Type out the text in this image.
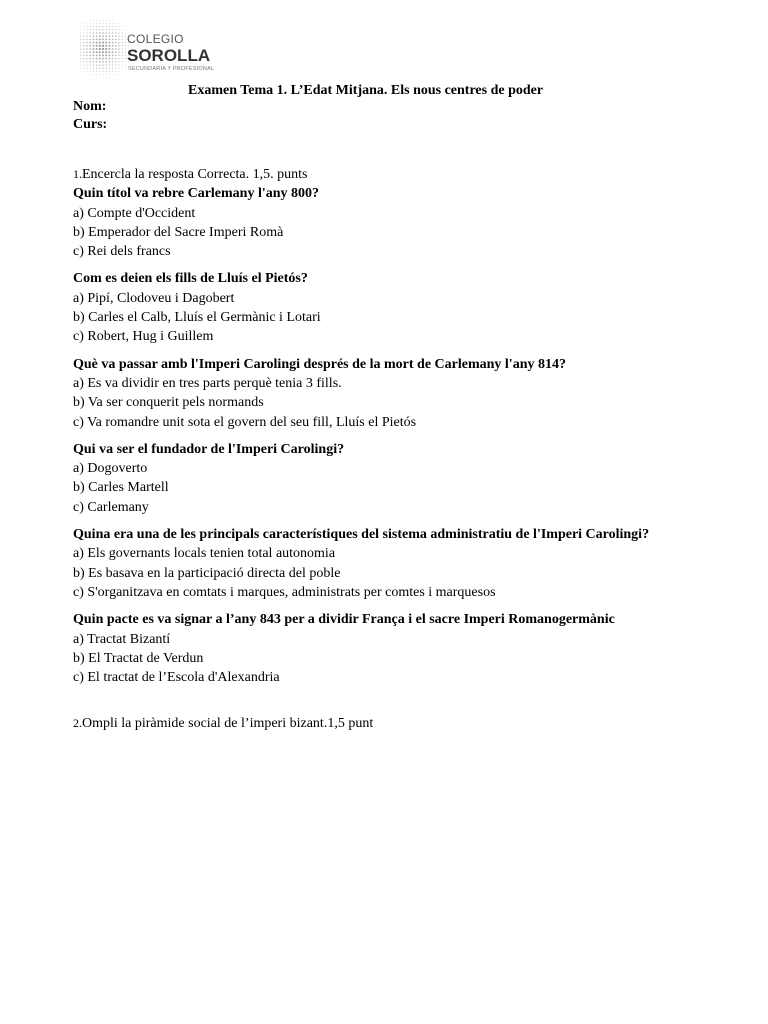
COLEGIO
SOROLLA
SECUNDARIA Y PROFESIONAL
Examen Tema 1. L’Edat Mitjana. Els nous centres de poder
Nom:
Curs:

1.Encercla la resposta Correcta. 1,5. punts

Quin títol va rebre Carlemany l'any 800?
a) Compte d'Occident
b) Emperador del Sacre Imperi Romà
c) Rei dels francs
Com es deien els fills de Lluís el Pietós?
a) Pipí, Clodoveu i Dagobert
b) Carles el Calb, Lluís el Germànic i Lotari
c) Robert, Hug i Guillem
Què va passar amb l'Imperi Carolingi després de la mort de Carlemany l'any 814?
a) Es va dividir en tres parts perquè tenia 3 fills.
b) Va ser conquerit pels normands
c) Va romandre unit sota el govern del seu fill, Lluís el Pietós
Qui va ser el fundador de l'Imperi Carolingi?
a) Dogoverto
b) Carles Martell
c) Carlemany
Quina era una de les principals característiques del sistema administratiu de l'Imperi Carolingi?
a) Els governants locals tenien total autonomia
b) Es basava en la participació directa del poble
c) S'organitzava en comtats i marques, administrats per comtes i marquesos
Quin pacte es va signar a l’any 843 per a dividir França i el sacre Imperi Romanogermànic
a) Tractat Bizantí
b) El Tractat de Verdun
c) El tractat de l’Escola d'Alexandria

2.Ompli la piràmide social de l’imperi bizant.1,5 punt
